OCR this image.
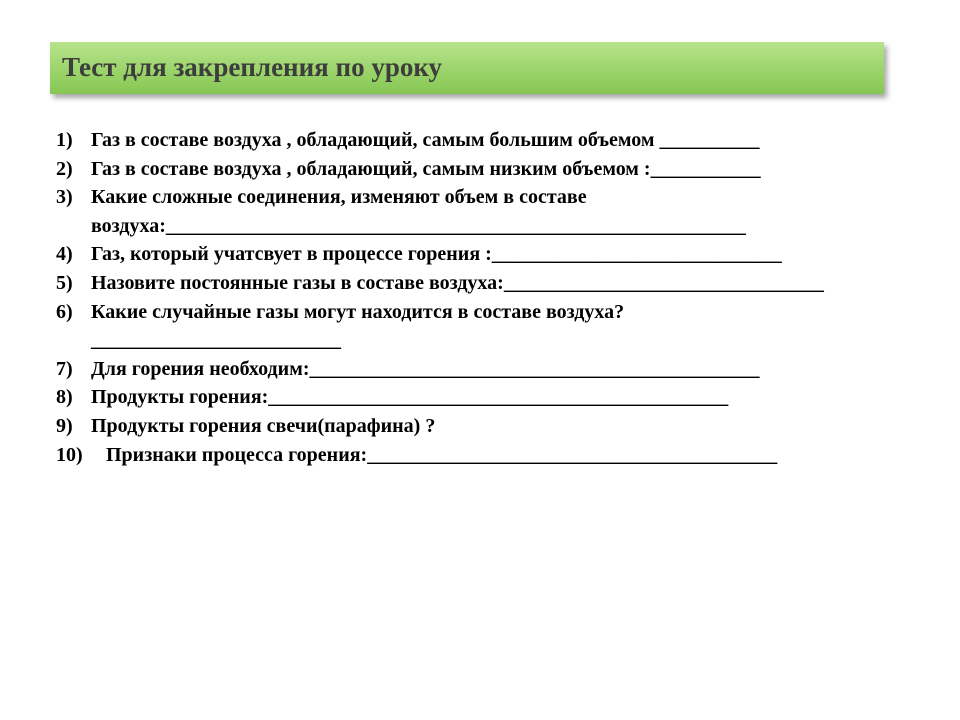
Тест для закрепления по уроку
1) Газ в составе воздуха , обладающий, самым большим объемом __________
2) Газ в составе воздуха , обладающий, самым низким объемом :___________
3) Какие сложные соединения, изменяют объем в составе
воздуха:__________________________________________________________
4) Газ, который учатсвует в процессе горения :_____________________________
5) Назовите постоянные газы в составе воздуха:________________________________
6) Какие случайные газы могут находится в составе воздуха?
_________________________
7) Для горения необходим:_____________________________________________
8) Продукты горения:______________________________________________
9) Продукты горения свечи(парафина) ?
10)	Признаки процесса горения:_________________________________________
